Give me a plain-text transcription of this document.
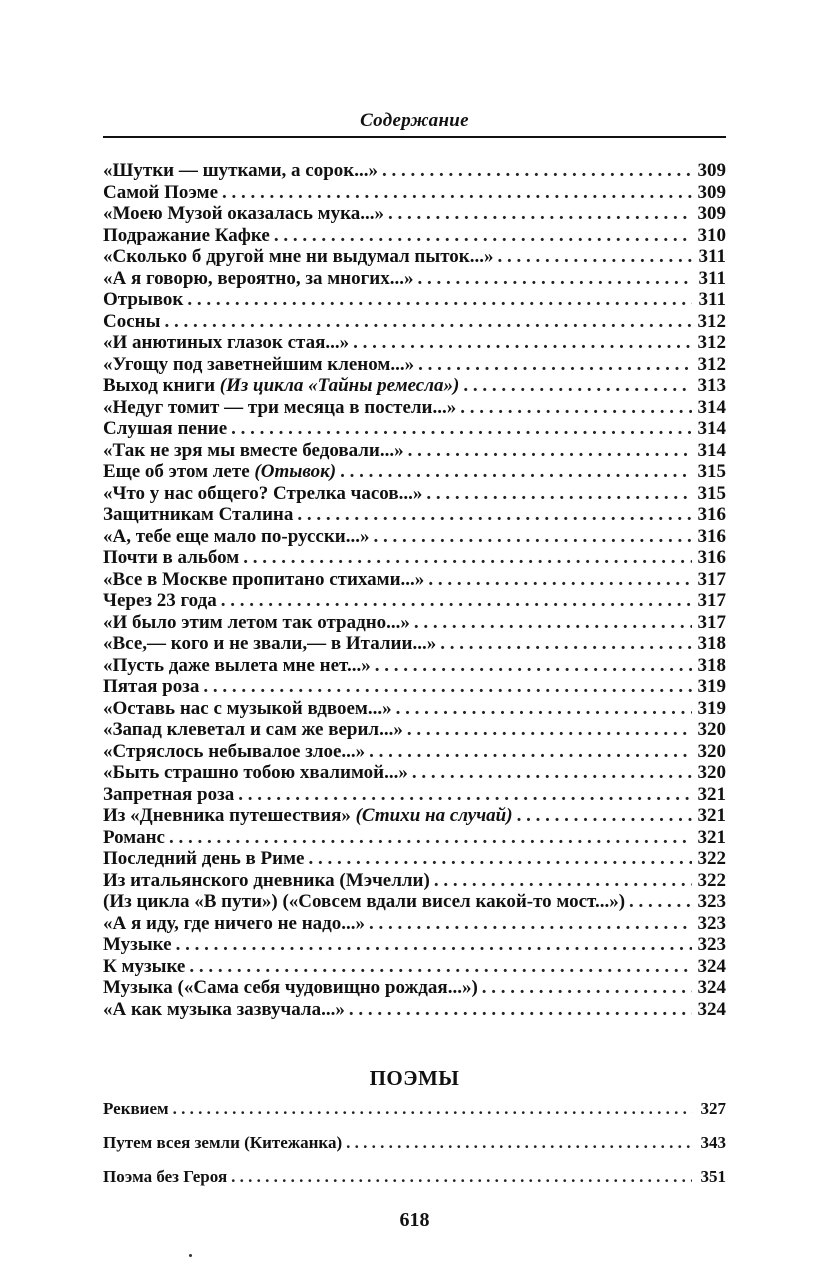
Содержание
«Шутки — шутками, а сорок...» . . .	309
Самой Поэме . . .	309
«Моею Музой оказалась мука...» . . .	309
Подражание Кафке . . .	310
«Сколько б другой мне ни выдумал пыток...» . . .	311
«А я говорю, вероятно, за многих...» . . .	311
Отрывок . . .	311
Сосны . . .	312
«И анютиных глазок стая...» . . .	312
«Угощу под заветнейшим кленом...» . . .	312
Выход книги (Из цикла «Тайны ремесла») . . .	313
«Недуг томит — три месяца в постели...» . . .	314
Слушая пение . . .	314
«Так не зря мы вместе бедовали...» . . .	314
Еще об этом лете (Отывок) . . .	315
«Что у нас общего? Стрелка часов...» . . .	315
Защитникам Сталина . . .	316
«А, тебе еще мало по-русски...» . . .	316
Почти в альбом . . .	316
«Все в Москве пропитано стихами...» . . .	317
Через 23 года . . .	317
«И было этим летом так отрадно...» . . .	317
«Все,— кого и не звали,— в Италии...» . . .	318
«Пусть даже вылета мне нет...» . . .	318
Пятая роза . . .	319
«Оставь нас с музыкой вдвоем...» . . .	319
«Запад клеветал и сам же верил...» . . .	320
«Стряслось небывалое злое...» . . .	320
«Быть страшно тобою хвалимой...» . . .	320
Запретная роза . . .	321
Из «Дневника путешествия» (Стихи на случай) . . .	321
Романс . . .	321
Последний день в Риме . . .	322
Из итальянского дневника (Мэчелли) . . .	322
(Из цикла «В пути») («Совсем вдали висел какой-то мост...») . . .	323
«А я иду, где ничего не надо...» . . .	323
Музыке . . .	323
К музыке . . .	324
Музыка («Сама себя чудовищно рождая...») . . .	324
«А как музыка зазвучала...» . . .	324
ПОЭМЫ
Реквием . . .	327
Путем всея земли (Китежанка) . . .	343
Поэма без Героя . . .	351
618
